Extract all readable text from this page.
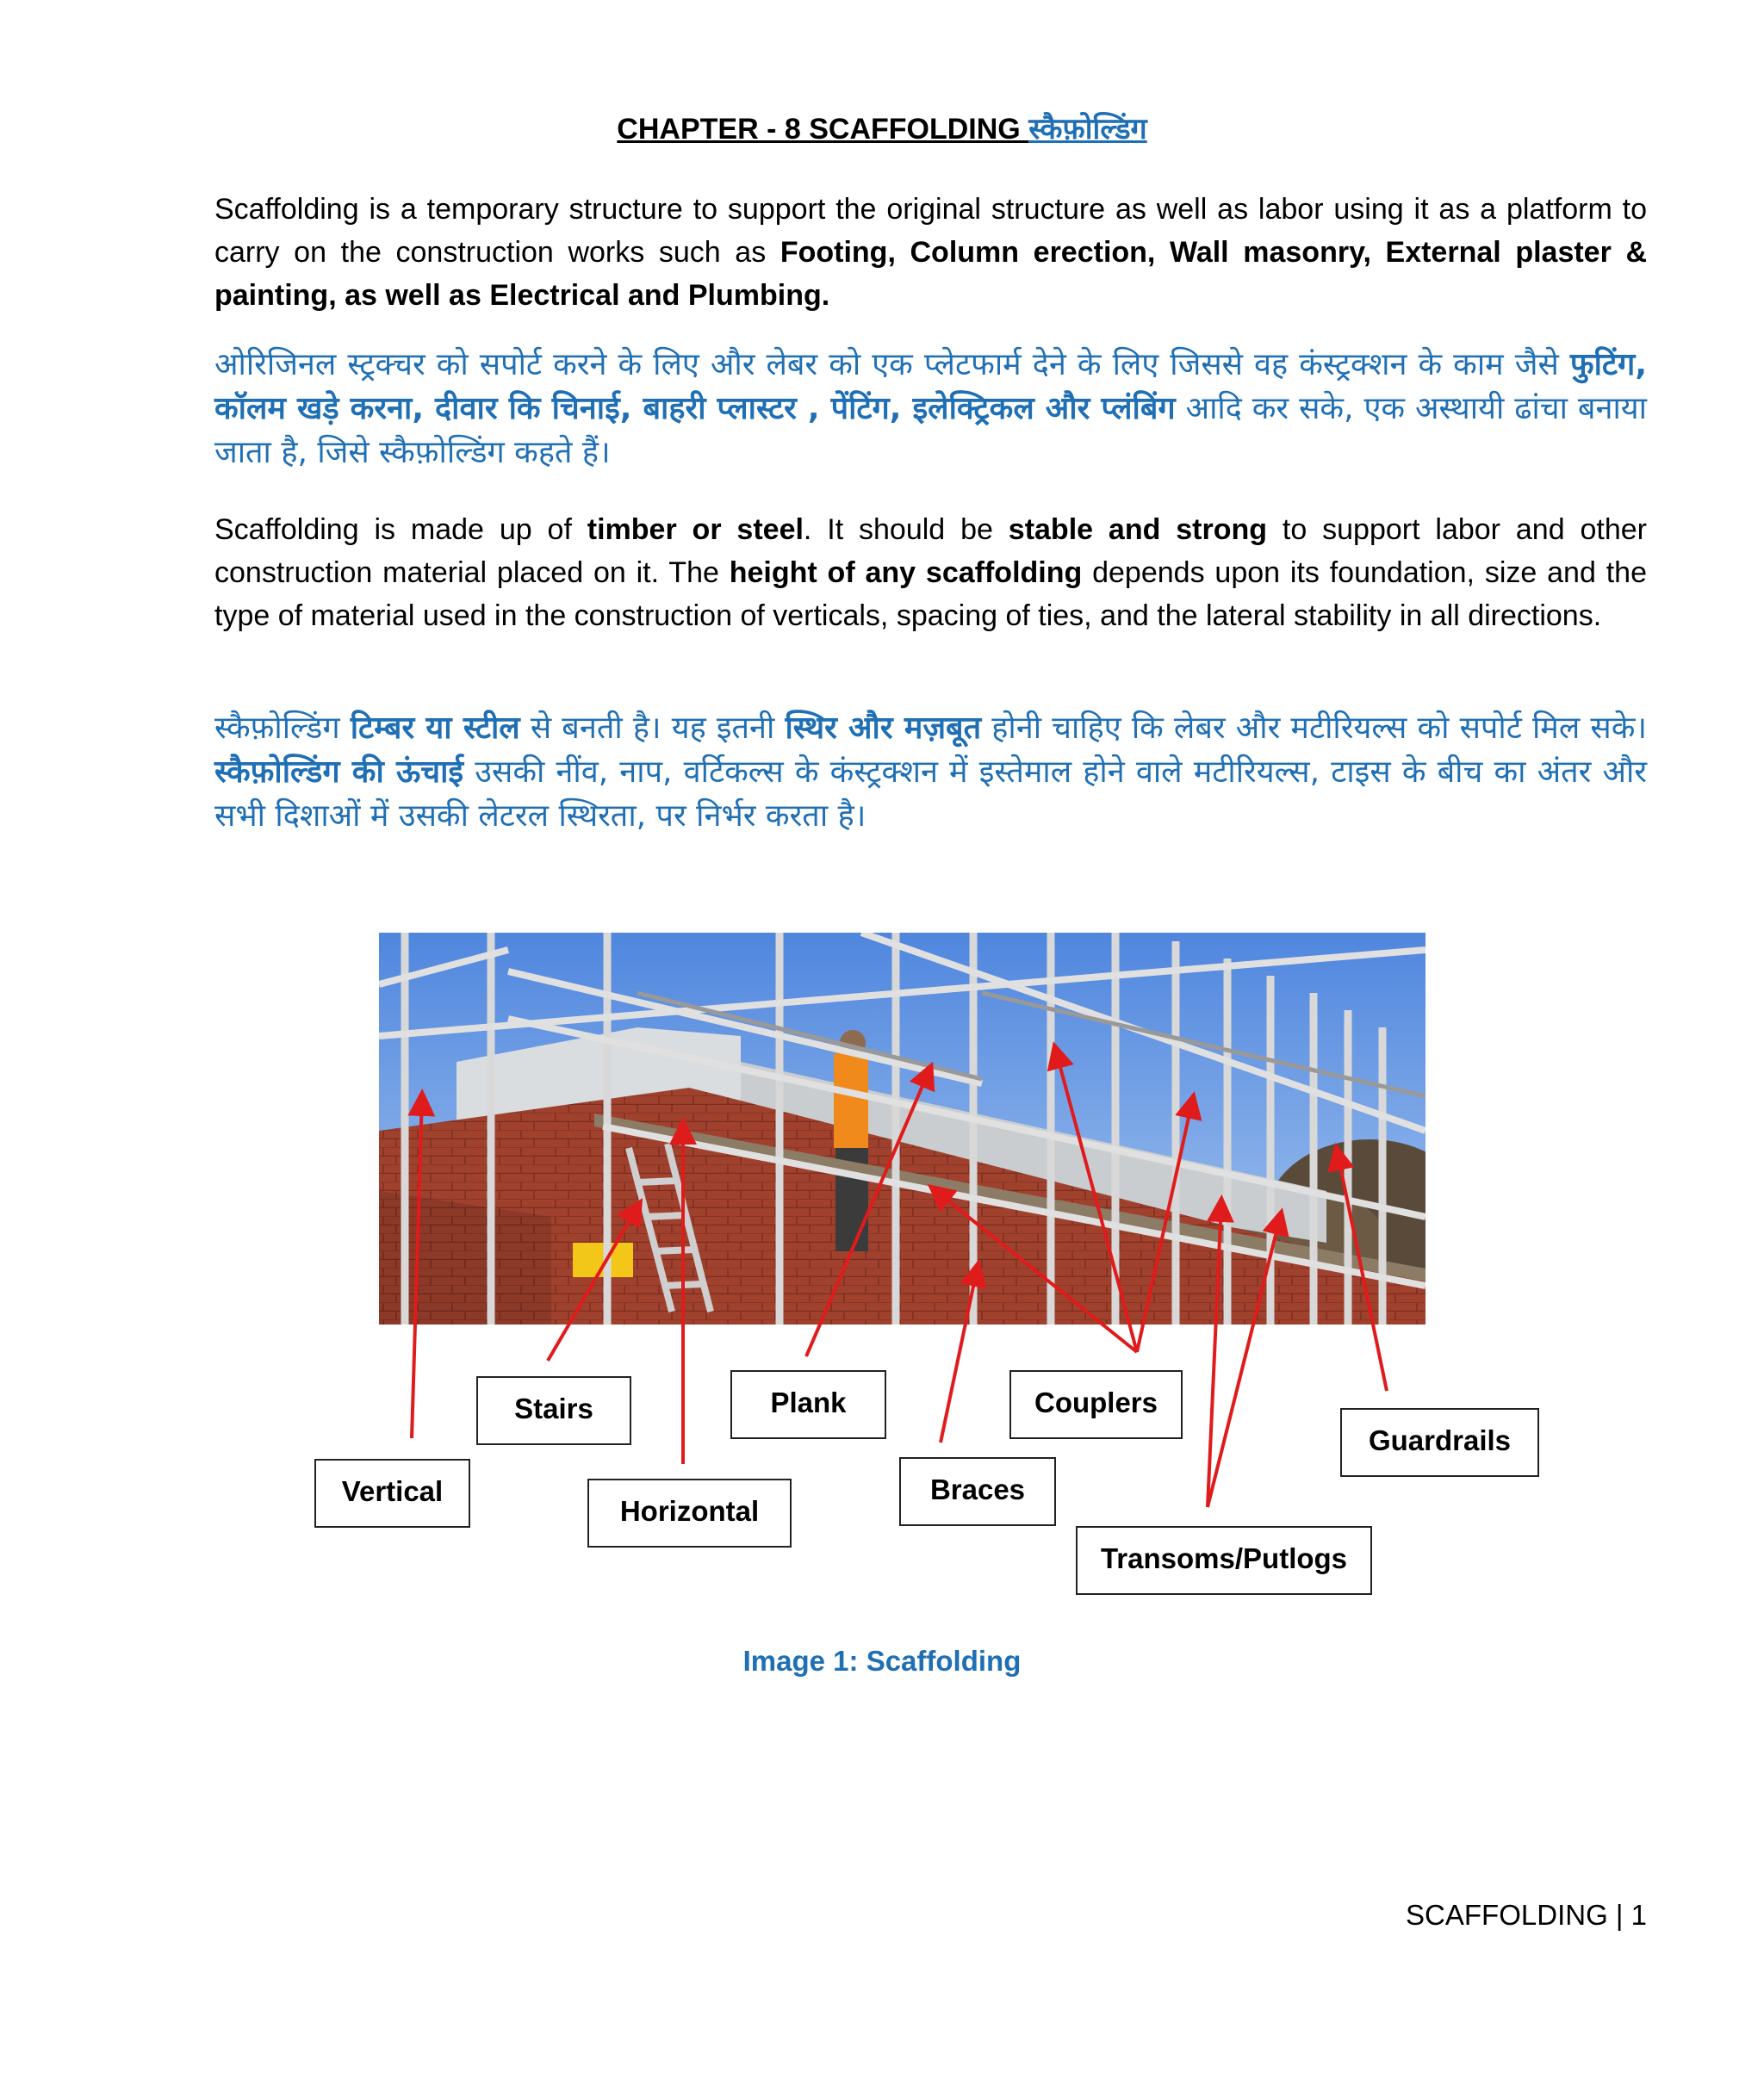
CHAPTER - 8 SCAFFOLDING स्कैफ़ोल्डिंग
Scaffolding is a temporary structure to support the original structure as well as labor using it as a platform to carry on the construction works such as Footing, Column erection, Wall masonry, External plaster & painting, as well as Electrical and Plumbing.
ओरिजिनल स्ट्रक्चर को सपोर्ट करने के लिए और लेबर को एक प्लेटफार्म देने के लिए जिससे वह कंस्ट्रक्शन के काम जैसे फुटिंग, कॉलम खड़े करना, दीवार कि चिनाई, बाहरी प्लास्टर , पेंटिंग, इलेक्ट्रिकल और प्लंबिंग आदि कर सके, एक अस्थायी ढांचा बनाया जाता है, जिसे स्कैफ़ोल्डिंग कहते हैं।
Scaffolding is made up of timber or steel. It should be stable and strong to support labor and other construction material placed on it. The height of any scaffolding depends upon its foundation, size and the type of material used in the construction of verticals, spacing of ties, and the lateral stability in all directions.
स्कैफ़ोल्डिंग टिम्बर या स्टील से बनती है। यह इतनी स्थिर और मज़बूत होनी चाहिए कि लेबर और मटीरियल्स को सपोर्ट मिल सके। स्कैफ़ोल्डिंग की ऊंचाई उसकी नींव, नाप, वर्टिकल्स के कंस्ट्रक्शन में इस्तेमाल होने वाले मटीरियल्स, टाइस के बीच का अंतर और सभी दिशाओं में उसकी लेटरल स्थिरता, पर निर्भर करता है।
Vertical
Stairs
Horizontal
Plank
Braces
Couplers
Transoms/Putlogs
Guardrails
Image 1: Scaffolding
SCAFFOLDING | 1
